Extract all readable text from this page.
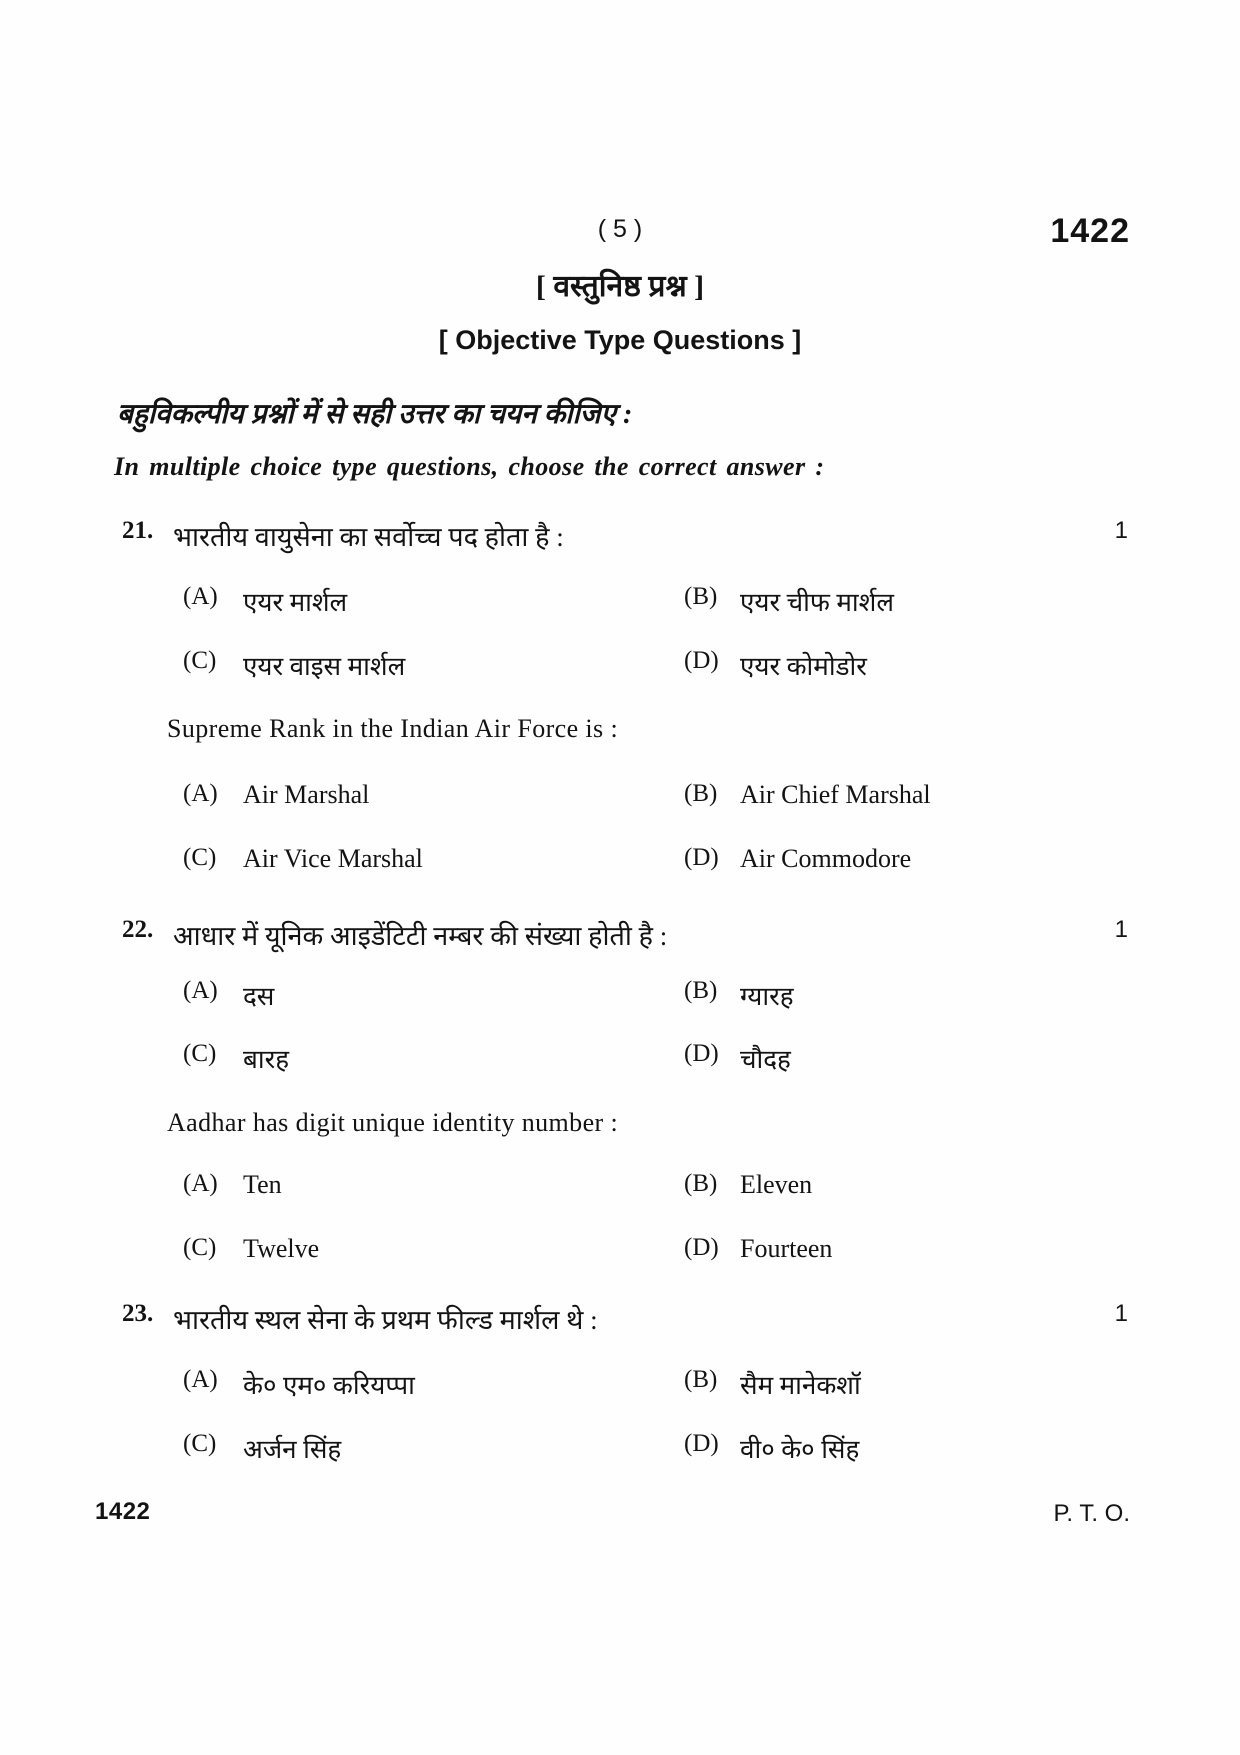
( 5 )	1422
[ वस्तुनिष्ठ प्रश्न ]
[ Objective Type Questions ]
बहुविकल्पीय प्रश्नों में से सही उत्तर का चयन कीजिए :
In multiple choice type questions, choose the correct answer :
21. भारतीय वायुसेना का सर्वोच्च पद होता है :	1
(A) एयर मार्शल	(B) एयर चीफ मार्शल
(C) एयर वाइस मार्शल	(D) एयर कोमोडोर
Supreme Rank in the Indian Air Force is :
(A) Air Marshal	(B) Air Chief Marshal
(C) Air Vice Marshal	(D) Air Commodore
22. आधार में यूनिक आइडेंटिटी नम्बर की संख्या होती है :	1
(A) दस	(B) ग्यारह
(C) बारह	(D) चौदह
Aadhar has digit unique identity number :
(A) Ten	(B) Eleven
(C) Twelve	(D) Fourteen
23. भारतीय स्थल सेना के प्रथम फील्ड मार्शल थे :	1
(A) के० एम० करियप्पा	(B) सैम मानेकशॉ
(C) अर्जन सिंह	(D) वी० के० सिंह
1422	P. T. O.
